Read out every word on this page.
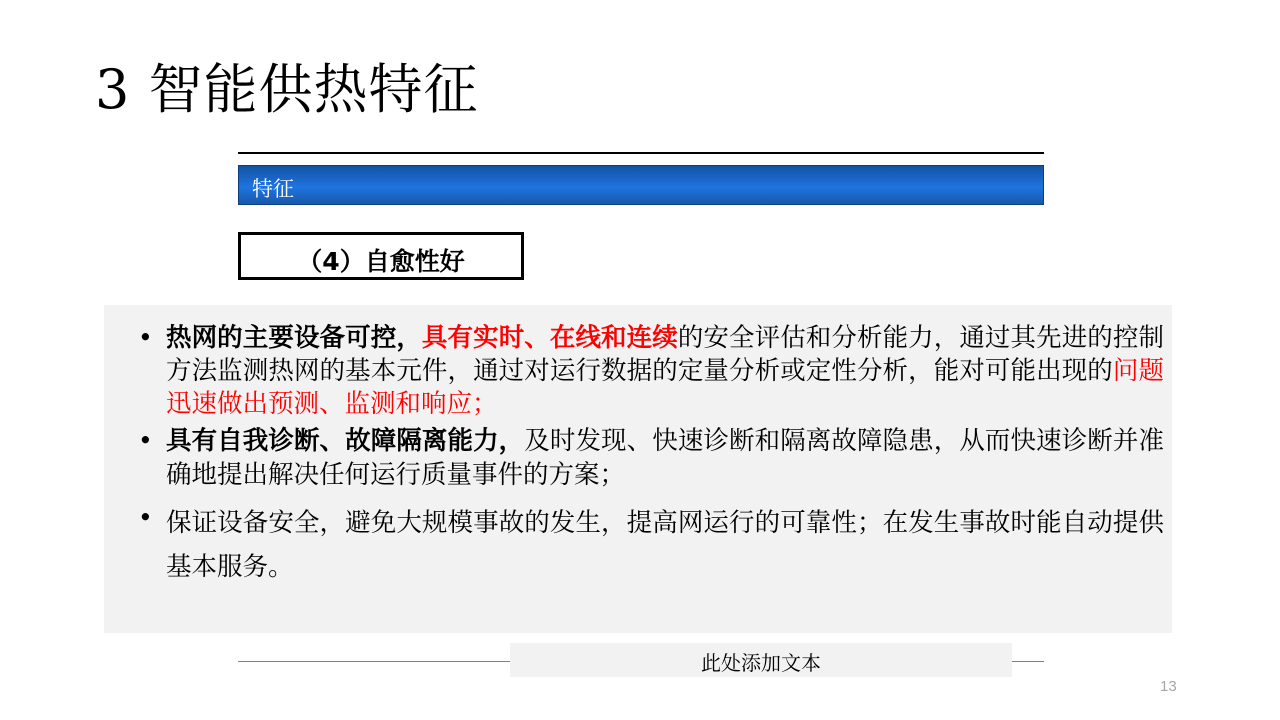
3 智能供热特征
特征
（4）自愈性好
• 热网的主要设备可控，具有实时、在线和连续的安全评估和分析能力，通过其先进的控制方法监测热网的基本元件，通过对运行数据的定量分析或定性分析，能对可能出现的问题迅速做出预测、监测和响应；
• 具有自我诊断、故障隔离能力，及时发现、快速诊断和隔离故障隐患，从而快速诊断并准确地提出解决任何运行质量事件的方案；
• 保证设备安全，避免大规模事故的发生，提高网运行的可靠性；在发生事故时能自动提供基本服务。
此处添加文本
13
